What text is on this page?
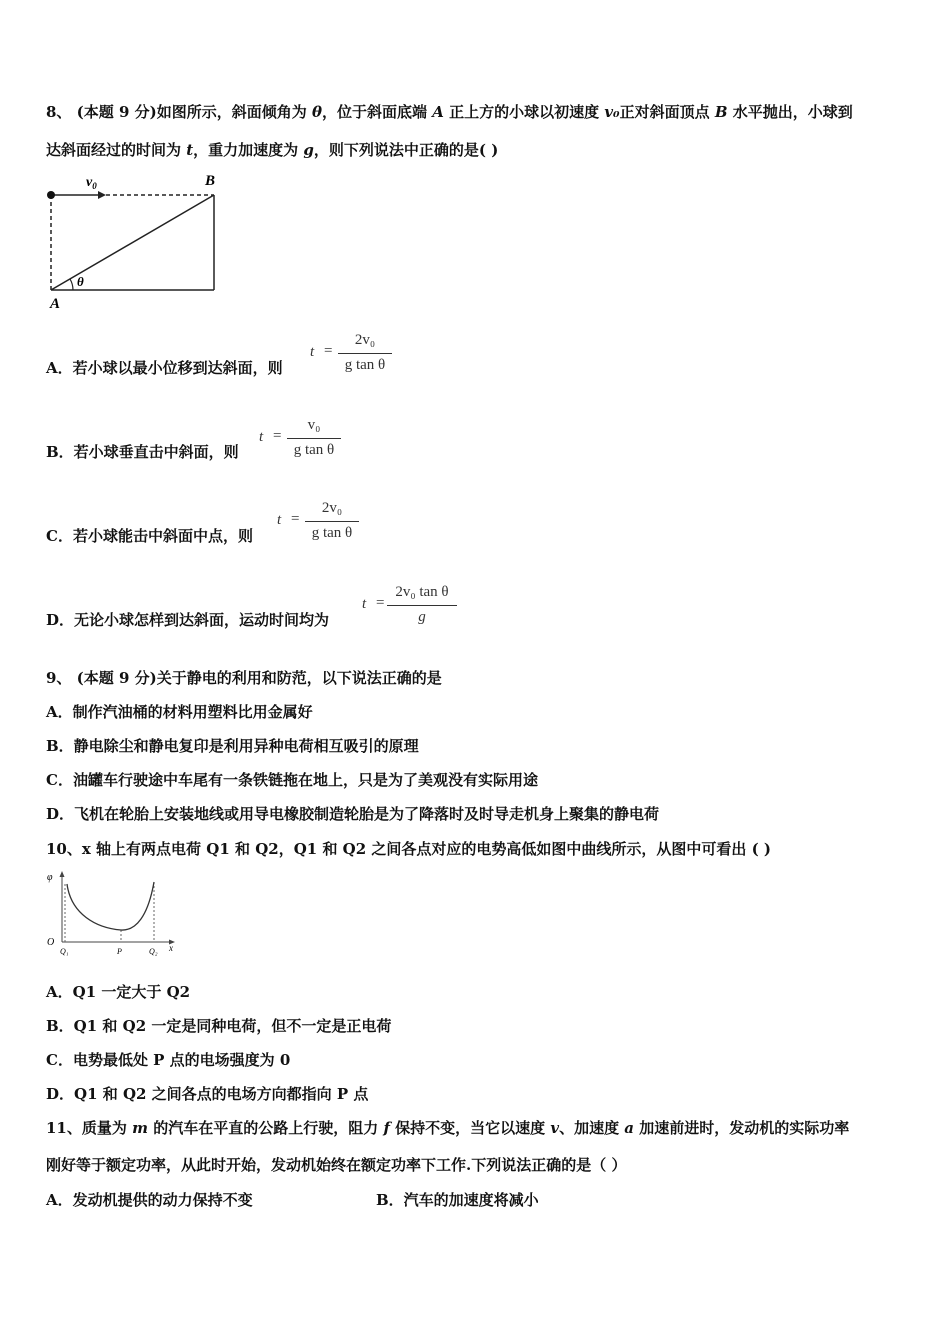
8、 (本题 9 分)如图所示，斜面倾角为 θ，位于斜面底端 A 正上方的小球以初速度 v₀正对斜面顶点 B 水平抛出，小球到
达斜面经过的时间为 t，重力加速度为 g，则下列说法中正确的是( )
$v_0$	B
A
θ
A．若小球以最小位移到达斜面，则
t =
2v₀
g tan θ
B．若小球垂直击中斜面，则
t =
v₀
g tan θ
C．若小球能击中斜面中点，则
t =
2v₀
g tan θ
D．无论小球怎样到达斜面，运动时间均为
t =
2v₀ tan θ
g
9、 (本题 9 分)关于静电的利用和防范，以下说法正确的是
A．制作汽油桶的材料用塑料比用金属好
B．静电除尘和静电复印是利用异种电荷相互吸引的原理
C．油罐车行驶途中车尾有一条铁链拖在地上，只是为了美观没有实际用途
D．飞机在轮胎上安装地线或用导电橡胶制造轮胎是为了降落时及时导走机身上聚集的静电荷
10、x 轴上有两点电荷 Q1 和 Q2，Q1 和 Q2 之间各点对应的电势高低如图中曲线所示，从图中可看出 ( )
φ
O
Q₁	P	Q₂ x
A．Q1 一定大于 Q2
B．Q1 和 Q2 一定是同种电荷，但不一定是正电荷
C．电势最低处 P 点的电场强度为 0
D．Q1 和 Q2 之间各点的电场方向都指向 P 点
11、质量为 m 的汽车在平直的公路上行驶，阻力 f 保持不变，当它以速度 v、加速度 a 加速前进时，发动机的实际功率
刚好等于额定功率，从此时开始，发动机始终在额定功率下工作.下列说法正确的是（ ）
A．发动机提供的动力保持不变	B．汽车的加速度将减小
